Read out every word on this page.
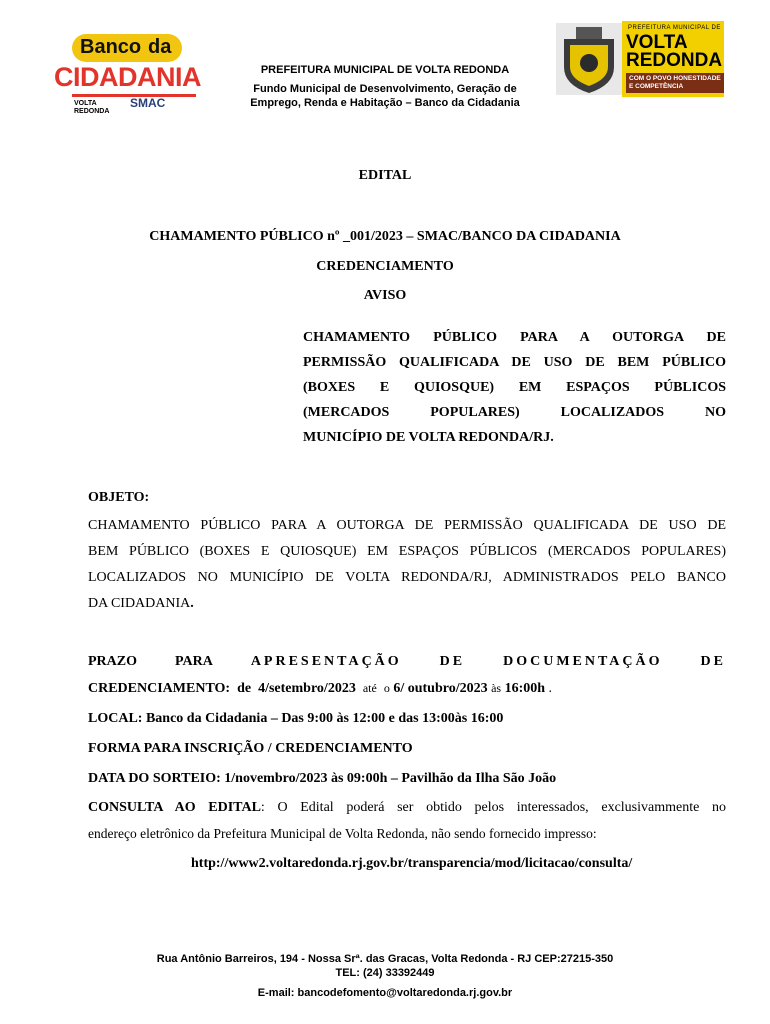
Banco da
CIDADANIA
VOLTA
REDONDA
SMAC
PREFEITURA MUNICIPAL DE VOLTA REDONDA
Fundo Municipal de Desenvolvimento, Geração de
Emprego, Renda e Habitação – Banco da Cidadania
PREFEITURA MUNICIPAL DE
VOLTA
REDONDA
COM O POVO HONESTIDADE
E COMPETÊNCIA
EDITAL
CHAMAMENTO PÚBLICO nº _001/2023 – SMAC/BANCO DA CIDADANIA
CREDENCIAMENTO
AVISO
CHAMAMENTO PÚBLICO PARA A OUTORGA DE
PERMISSÃO QUALIFICADA DE USO DE BEM PÚBLICO
(BOXES E QUIOSQUE) EM ESPAÇOS PÚBLICOS
(MERCADOS POPULARES) LOCALIZADOS NO
MUNICÍPIO DE VOLTA REDONDA/RJ.
OBJETO:
CHAMAMENTO PÚBLICO PARA A OUTORGA DE PERMISSÃO QUALIFICADA DE USO DE
BEM PÚBLICO (BOXES E QUIOSQUE) EM ESPAÇOS PÚBLICOS (MERCADOS POPULARES)
LOCALIZADOS NO MUNICÍPIO DE VOLTA REDONDA/RJ, ADMINISTRADOS PELO BANCO
DA CIDADANIA.
PRAZO	PARA	APRESENTAÇÃO	DE	DOCUMENTAÇÃO	DE
CREDENCIAMENTO: de 4/setembro/2023 até o 6/ outubro/2023 às 16:00h .
LOCAL: Banco da Cidadania – Das 9:00 às 12:00 e das 13:00às 16:00
FORMA PARA INSCRIÇÃO / CREDENCIAMENTO
DATA DO SORTEIO: 1/novembro/2023 às 09:00h – Pavilhão da Ilha São João
CONSULTA AO EDITAL: O Edital poderá ser obtido pelos interessados, exclusivammente no
endereço eletrônico da Prefeitura Municipal de Volta Redonda, não sendo fornecido impresso:
http://www2.voltaredonda.rj.gov.br/transparencia/mod/licitacao/consulta/
Rua Antônio Barreiros, 194 - Nossa Srª. das Gracas, Volta Redonda - RJ CEP:27215-350
TEL: (24) 33392449
E-mail: bancodefomento@voltaredonda.rj.gov.br
